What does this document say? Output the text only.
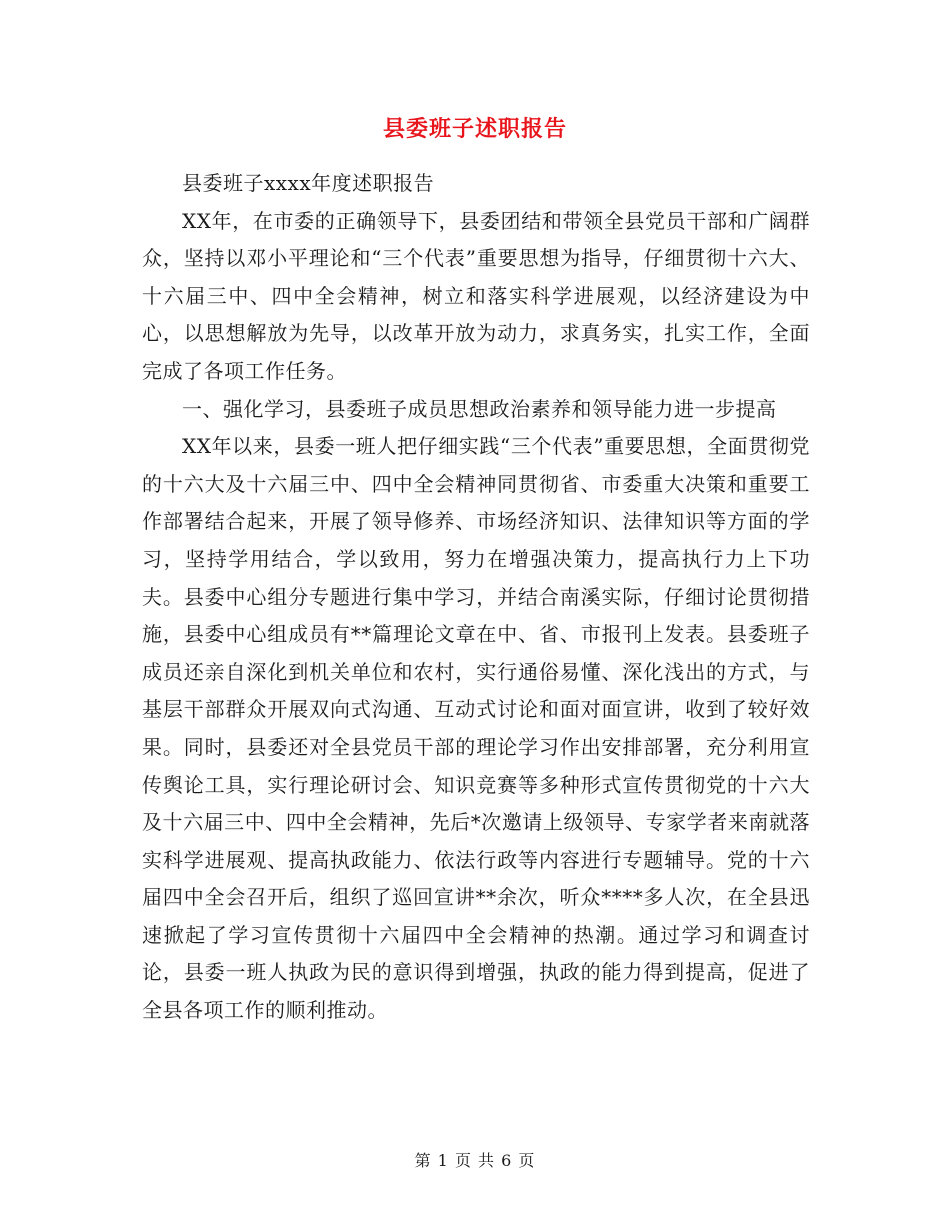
县委班子述职报告

县委班子xxxx年度述职报告

XX年，在市委的正确领导下，县委团结和带领全县党员干部和广阔群众，坚持以邓小平理论和“三个代表”重要思想为指导，仔细贯彻十六大、十六届三中、四中全会精神，树立和落实科学进展观，以经济建设为中心，以思想解放为先导，以改革开放为动力，求真务实，扎实工作，全面完成了各项工作任务。

一、强化学习，县委班子成员思想政治素养和领导能力进一步提高

XX年以来，县委一班人把仔细实践“三个代表”重要思想，全面贯彻党的十六大及十六届三中、四中全会精神同贯彻省、市委重大决策和重要工作部署结合起来，开展了领导修养、市场经济知识、法律知识等方面的学习，坚持学用结合，学以致用，努力在增强决策力，提高执行力上下功夫。县委中心组分专题进行集中学习，并结合南溪实际，仔细讨论贯彻措施，县委中心组成员有**篇理论文章在中、省、市报刊上发表。县委班子成员还亲自深化到机关单位和农村，实行通俗易懂、深化浅出的方式，与基层干部群众开展双向式沟通、互动式讨论和面对面宣讲，收到了较好效果。同时，县委还对全县党员干部的理论学习作出安排部署，充分利用宣传舆论工具，实行理论研讨会、知识竞赛等多种形式宣传贯彻党的十六大及十六届三中、四中全会精神，先后*次邀请上级领导、专家学者来南就落实科学进展观、提高执政能力、依法行政等内容进行专题辅导。党的十六届四中全会召开后，组织了巡回宣讲**余次，听众****多人次，在全县迅速掀起了学习宣传贯彻十六届四中全会精神的热潮。通过学习和调查讨论，县委一班人执政为民的意识得到增强，执政的能力得到提高，促进了全县各项工作的顺利推动。

第 1 页 共 6 页
